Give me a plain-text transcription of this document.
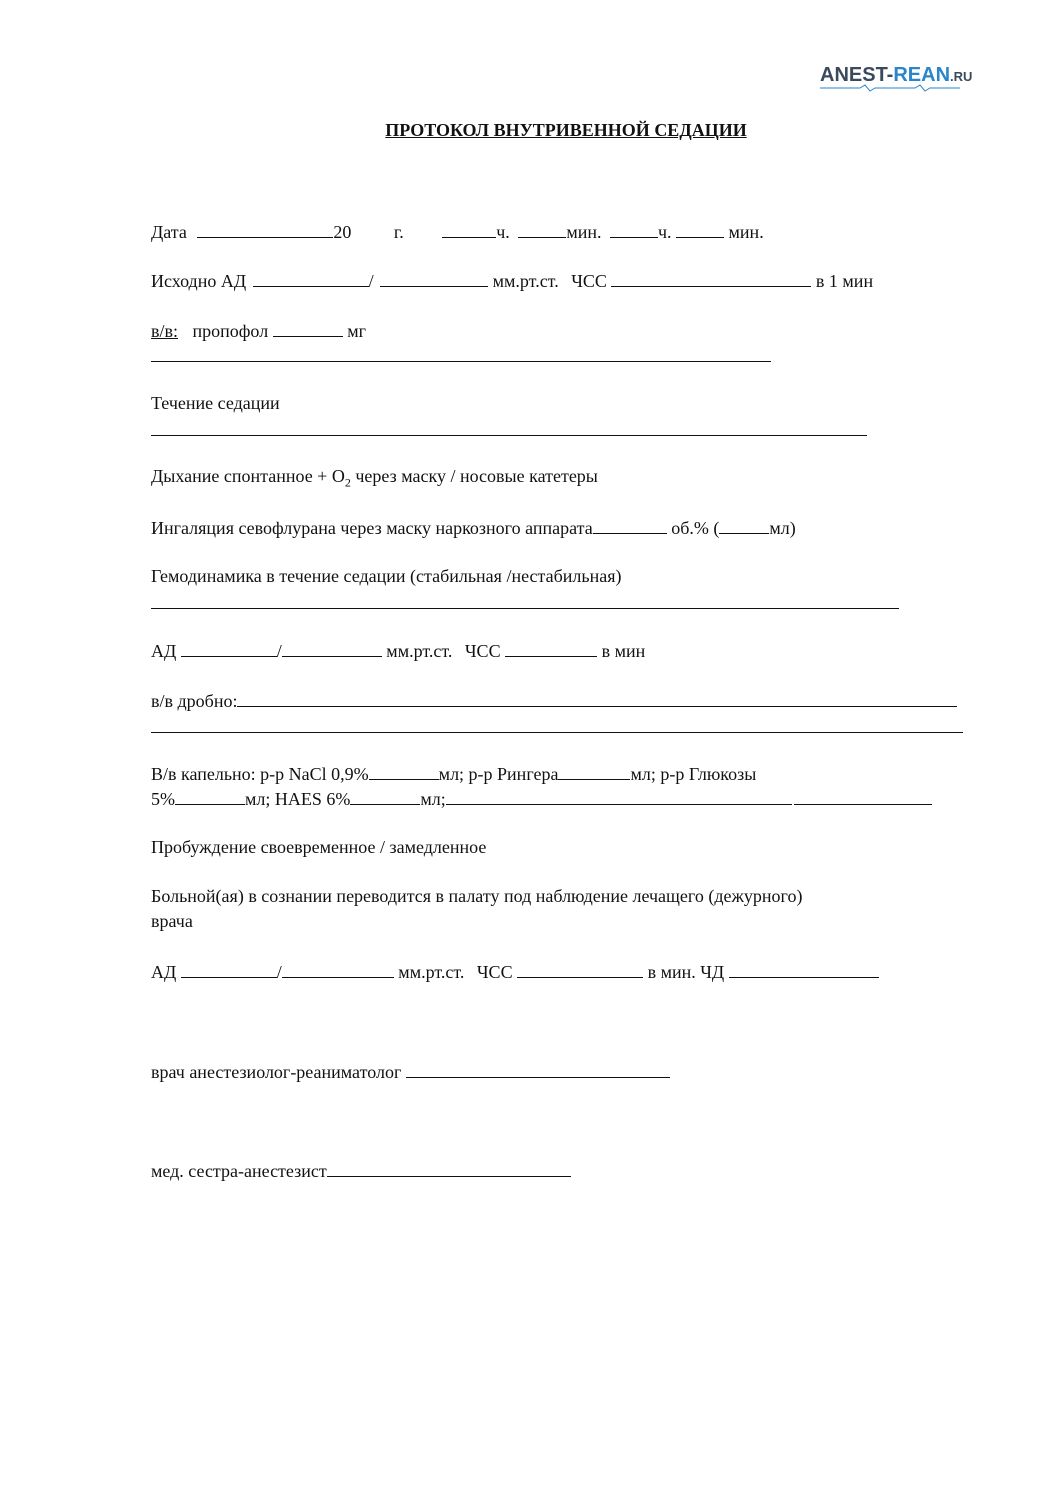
ANEST-REAN.RU
ПРОТОКОЛ ВНУТРИВЕННОЙ СЕДАЦИИ
Дата	20 г.	ч.	мин.	ч.	мин.
Исходно АД	/	мм.рт.ст. ЧСС	в 1 мин
в/в: пропофол	мг
Течение седации
Дыхание спонтанное + $O_2$ через маску / носовые катетеры
Ингаляция севофлурана через маску наркозного аппарата	об.% (	мл)
Гемодинамика в течение седации (стабильная /нестабильная)
АД	/	мм.рт.ст. ЧСС	в мин
в/в дробно:
В/в капельно: р-р NaCl 0,9%	мл; р-р Рингера	мл; р-р Глюкозы
5%	мл; HAES 6%	мл;
Пробуждение своевременное / замедленное
Больной(ая) в сознании переводится в палату под наблюдение лечащего (дежурного)
врача
АД	/	мм.рт.ст. ЧСС	в мин. ЧД
врач анестезиолог-реаниматолог
мед. сестра-анестезист
